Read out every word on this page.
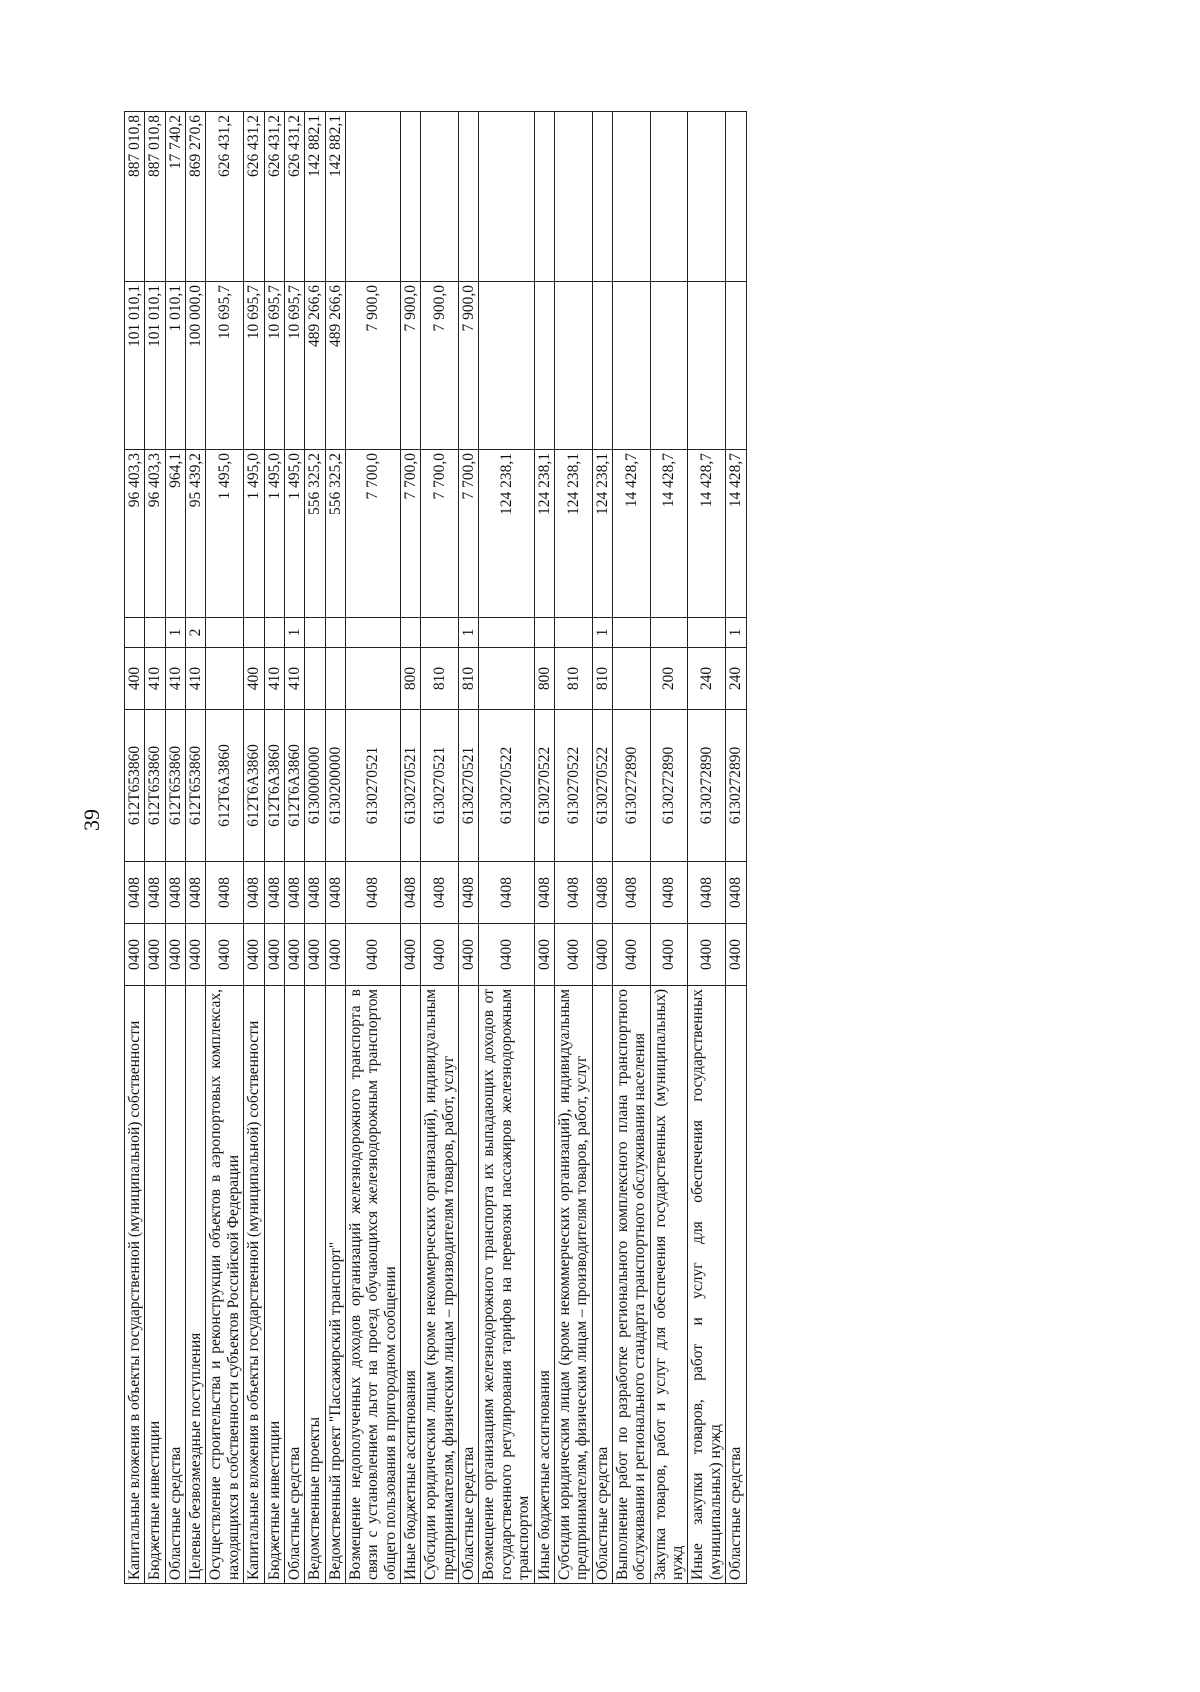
39
Капитальные вложения в объекты государственной (муниципальной) собственности	0400	0408	612Т653860	400		96 403,3	101 010,1	887 010,8
Бюджетные инвестиции	0400	0408	612Т653860	410		96 403,3	101 010,1	887 010,8
Областные средства	0400	0408	612Т653860	410	1	964,1	1 010,1	17 740,2
Целевые безвозмездные поступления	0400	0408	612Т653860	410	2	95 439,2	100 000,0	869 270,6
Осуществление строительства и реконструкции объектов в аэропортовых комплексах, находящихся в собственности субъектов Российской Федерации	0400	0408	612Т6А3860			1 495,0	10 695,7	626 431,2
Капитальные вложения в объекты государственной (муниципальной) собственности	0400	0408	612Т6А3860	400		1 495,0	10 695,7	626 431,2
Бюджетные инвестиции	0400	0408	612Т6А3860	410		1 495,0	10 695,7	626 431,2
Областные средства	0400	0408	612Т6А3860	410	1	1 495,0	10 695,7	626 431,2
Ведомственные проекты	0400	0408	6130000000			556 325,2	489 266,6	142 882,1
Ведомственный проект "Пассажирский транспорт"	0400	0408	6130200000			556 325,2	489 266,6	142 882,1
Возмещение недополученных доходов организаций железнодорожного транспорта в связи с установлением льгот на проезд обучающихся железнодорожным транспортом общего пользования в пригородном сообщении	0400	0408	6130270521			7 700,0	7 900,0	
Иные бюджетные ассигнования	0400	0408	6130270521	800		7 700,0	7 900,0	
Субсидии юридическим лицам (кроме некоммерческих организаций), индивидуальным предпринимателям, физическим лицам – производителям товаров, работ, услуг	0400	0408	6130270521	810		7 700,0	7 900,0	
Областные средства	0400	0408	6130270521	810	1	7 700,0	7 900,0	
Возмещение организациям железнодорожного транспорта их выпадающих доходов от государственного регулирования тарифов на перевозки пассажиров железнодорожным транспортом	0400	0408	6130270522			124 238,1		
Иные бюджетные ассигнования	0400	0408	6130270522	800		124 238,1		
Субсидии юридическим лицам (кроме некоммерческих организаций), индивидуальным предпринимателям, физическим лицам – производителям товаров, работ, услуг	0400	0408	6130270522	810		124 238,1		
Областные средства	0400	0408	6130270522	810	1	124 238,1		
Выполнение работ по разработке регионального комплексного плана транспортного обслуживания и регионального стандарта транспортного обслуживания населения	0400	0408	6130272890			14 428,7		
Закупка товаров, работ и услуг для обеспечения государственных (муниципальных) нужд	0400	0408	6130272890	200		14 428,7		
Иные закупки товаров, работ и услуг для обеспечения государственных (муниципальных) нужд	0400	0408	6130272890	240		14 428,7		
Областные средства	0400	0408	6130272890	240	1	14 428,7		
